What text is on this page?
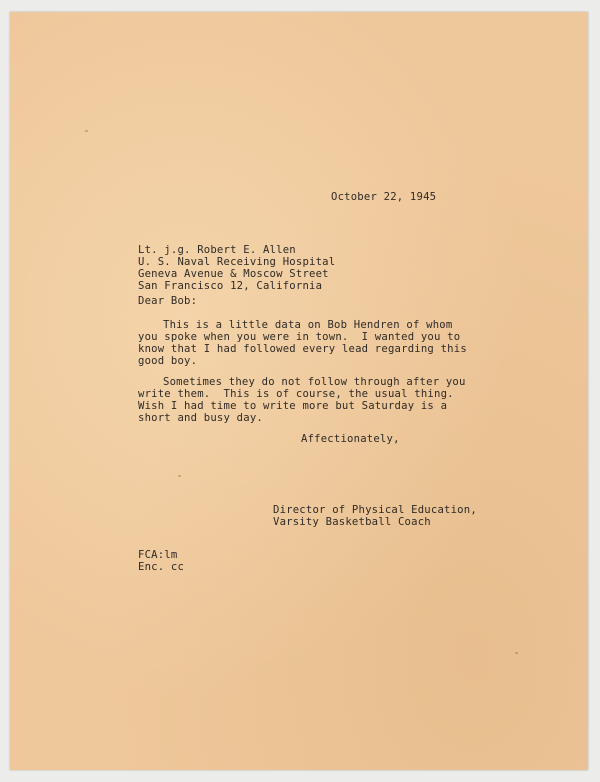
October 22, 1945

Lt. j.g. Robert E. Allen
U. S. Naval Receiving Hospital
Geneva Avenue & Moscow Street
San Francisco 12, California

Dear Bob:

This is a little data on Bob Hendren of whom
you spoke when you were in town.  I wanted you to
know that I had followed every lead regarding this
good boy.
Sometimes they do not follow through after you
write them.  This is of course, the usual thing.
Wish I had time to write more but Saturday is a
short and busy day.

Affectionately,

Director of Physical Education,
Varsity Basketball Coach
FCA:lm
Enc. cc
